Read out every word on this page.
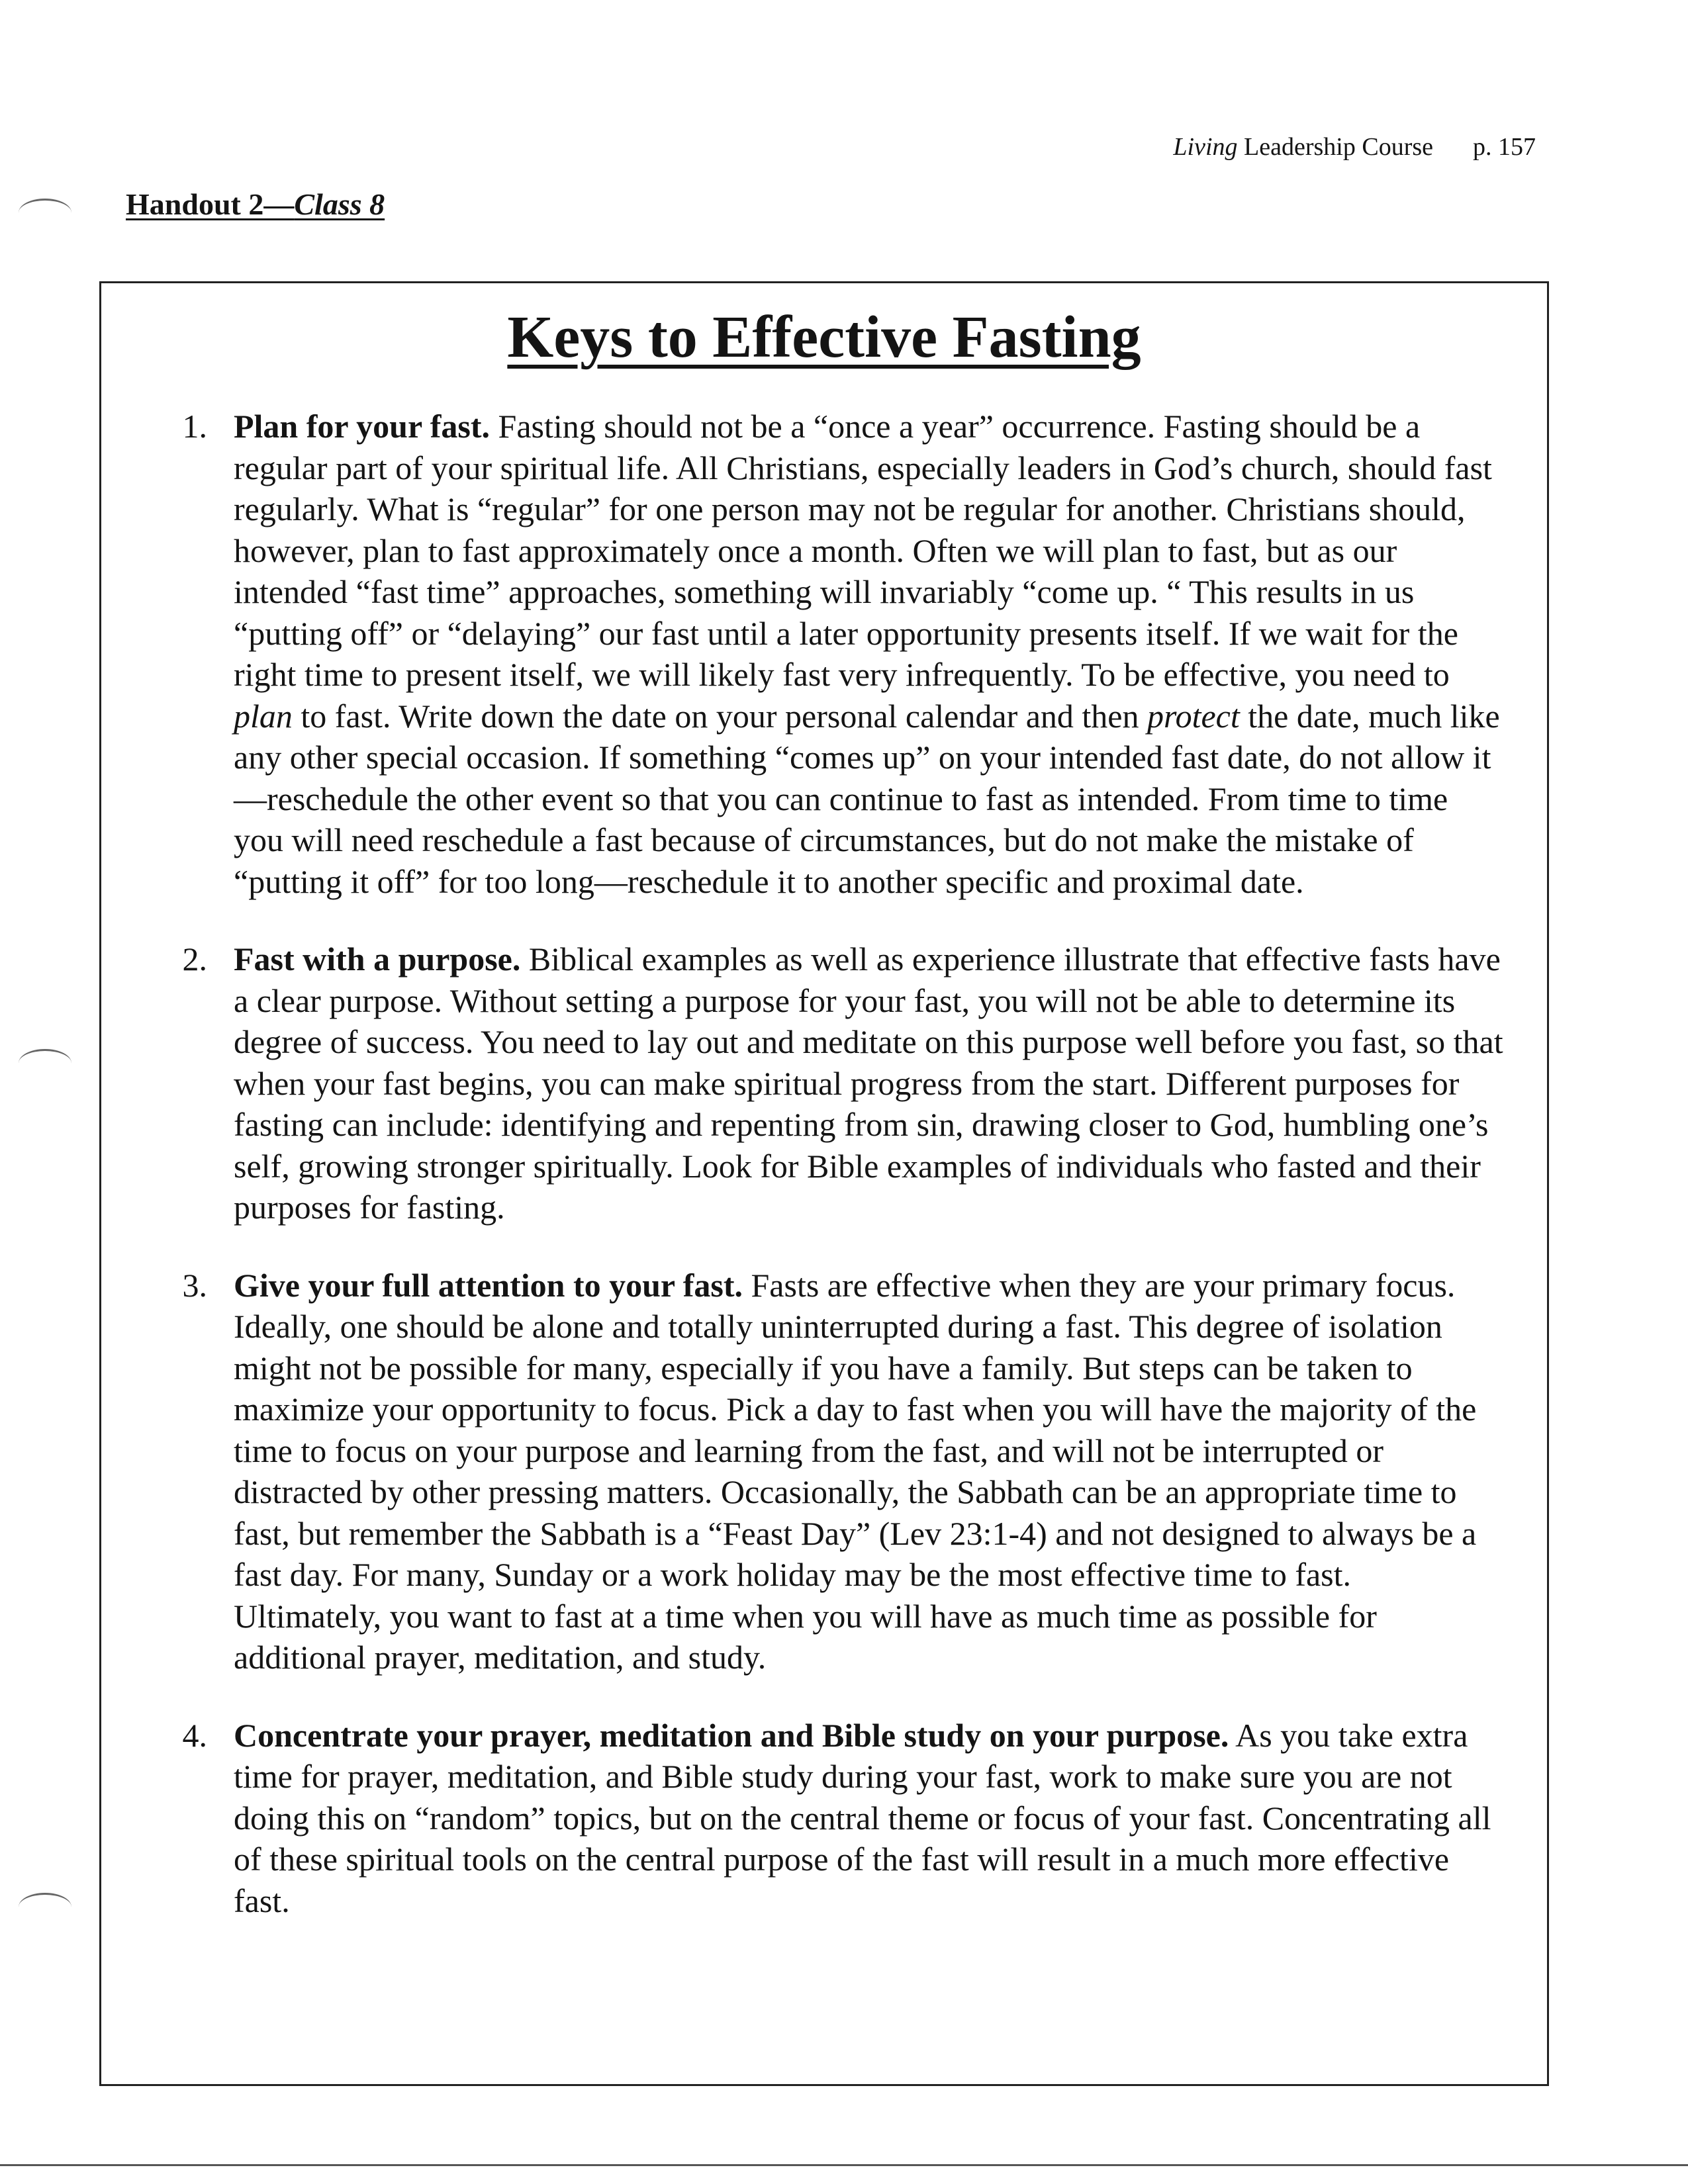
Living Leadership Course p. 157
Handout 2—Class 8
Keys to Effective Fasting
1. Plan for your fast. Fasting should not be a “once a year” occurrence. Fasting should be a regular part of your spiritual life. All Christians, especially leaders in God’s church, should fast regularly. What is “regular” for one person may not be regular for another. Christians should, however, plan to fast approximately once a month. Often we will plan to fast, but as our intended “fast time” approaches, something will invariably “come up. “ This results in us “putting off” or “delaying” our fast until a later opportunity presents itself. If we wait for the right time to present itself, we will likely fast very infrequently. To be effective, you need to plan to fast. Write down the date on your personal calendar and then protect the date, much like any other special occasion. If something “comes up” on your intended fast date, do not allow it—reschedule the other event so that you can continue to fast as intended. From time to time you will need reschedule a fast because of circumstances, but do not make the mistake of “putting it off” for too long—reschedule it to another specific and proximal date.
2. Fast with a purpose. Biblical examples as well as experience illustrate that effective fasts have a clear purpose. Without setting a purpose for your fast, you will not be able to determine its degree of success. You need to lay out and meditate on this purpose well before you fast, so that when your fast begins, you can make spiritual progress from the start. Different purposes for fasting can include: identifying and repenting from sin, drawing closer to God, humbling one’s self, growing stronger spiritually. Look for Bible examples of individuals who fasted and their purposes for fasting.
3. Give your full attention to your fast. Fasts are effective when they are your primary focus. Ideally, one should be alone and totally uninterrupted during a fast. This degree of isolation might not be possible for many, especially if you have a family. But steps can be taken to maximize your opportunity to focus. Pick a day to fast when you will have the majority of the time to focus on your purpose and learning from the fast, and will not be interrupted or distracted by other pressing matters. Occasionally, the Sabbath can be an appropriate time to fast, but remember the Sabbath is a “Feast Day” (Lev 23:1-4) and not designed to always be a fast day. For many, Sunday or a work holiday may be the most effective time to fast. Ultimately, you want to fast at a time when you will have as much time as possible for additional prayer, meditation, and study.
4. Concentrate your prayer, meditation and Bible study on your purpose. As you take extra time for prayer, meditation, and Bible study during your fast, work to make sure you are not doing this on “random” topics, but on the central theme or focus of your fast. Concentrating all of these spiritual tools on the central purpose of the fast will result in a much more effective fast.
